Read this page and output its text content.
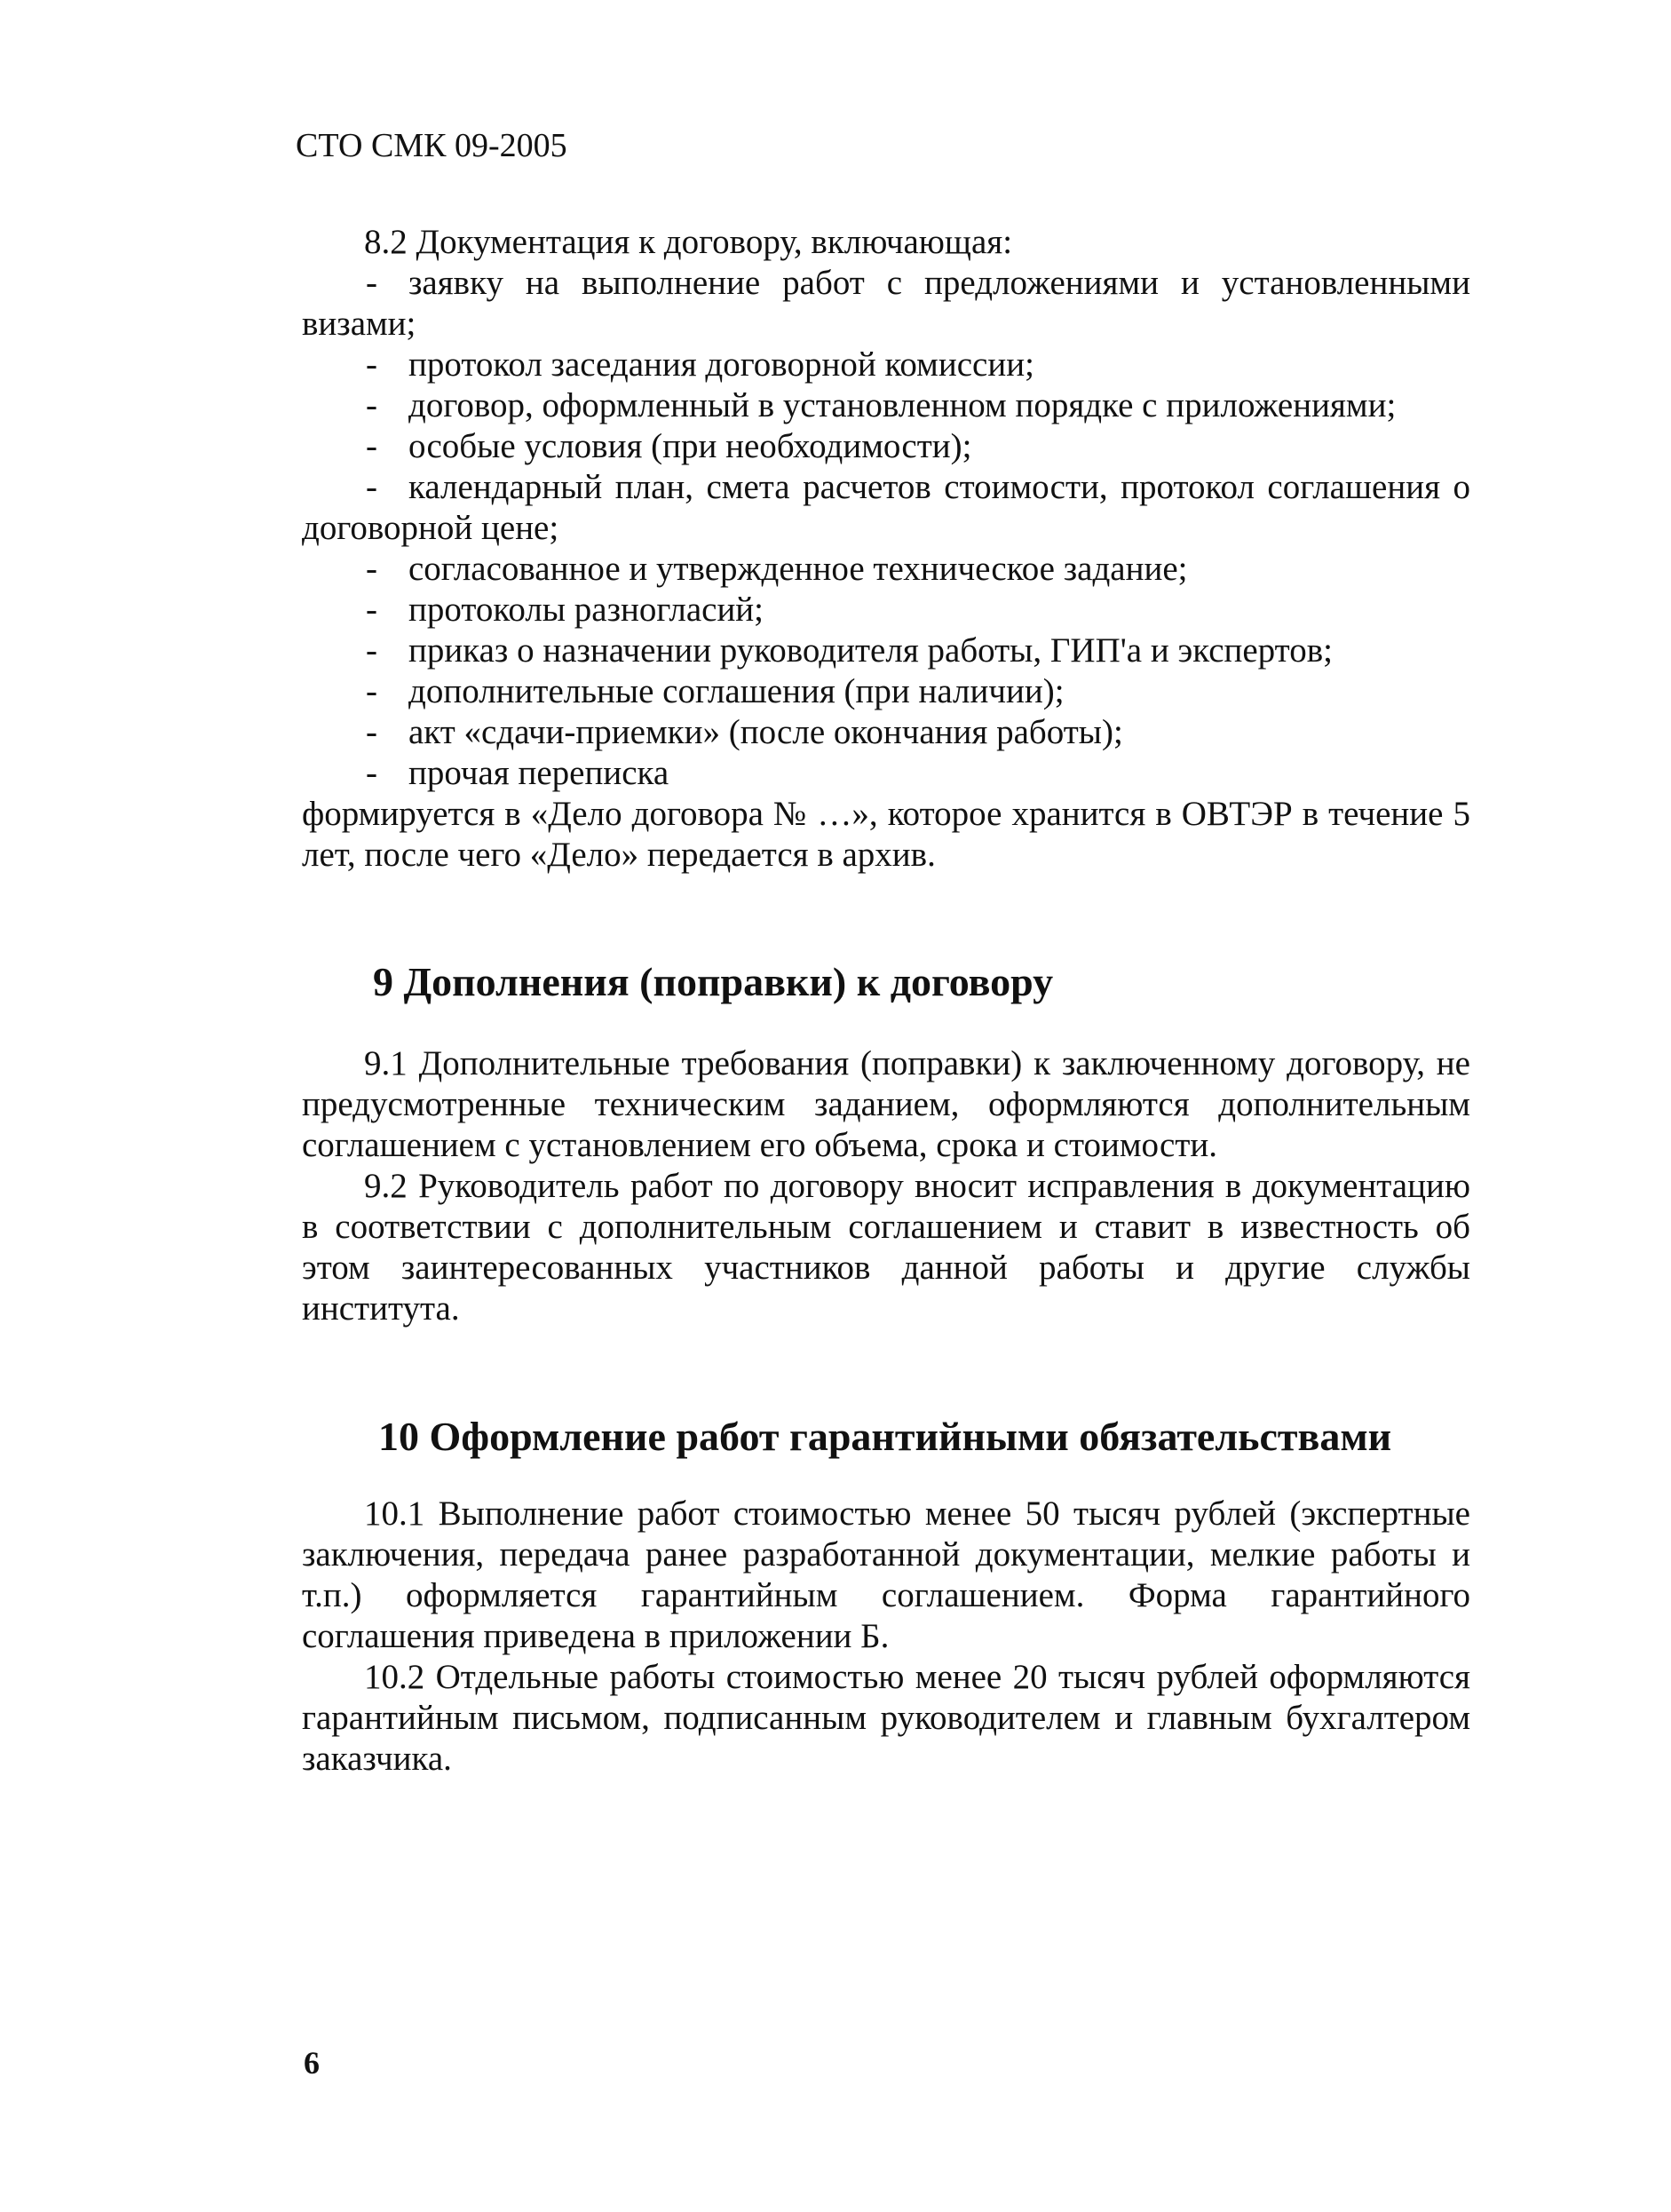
СТО СМК 09-2005

8.2 Документация к договору, включающая:

- заявку на выполнение работ с предложениями и установленными визами;
- протокол заседания договорной комиссии;
- договор, оформленный в установленном порядке с приложениями;
- особые условия (при необходимости);
- календарный план, смета расчетов стоимости, протокол соглашения о договорной цене;
- согласованное и утвержденное техническое задание;
- протоколы разногласий;
- приказ о назначении руководителя работы, ГИП'а и экспертов;
- дополнительные соглашения (при наличии);
- акт «сдачи-приемки» (после окончания работы);
- прочая переписка

формируется в «Дело договора № …», которое хранится в ОВТЭР в течение 5 лет, после чего «Дело» передается в архив.

9 Дополнения (поправки) к договору

9.1 Дополнительные требования (поправки) к заключенному договору, не предусмотренные техническим заданием, оформляются дополнительным соглашением с установлением его объема, срока и стоимости.

9.2 Руководитель работ по договору вносит исправления в документацию в соответствии с дополнительным соглашением и ставит в известность об этом заинтересованных участников данной работы и другие службы института.

10 Оформление работ гарантийными обязательствами

10.1 Выполнение работ стоимостью менее 50 тысяч рублей (экспертные заключения, передача ранее разработанной документации, мелкие работы и т.п.) оформляется гарантийным соглашением. Форма гарантийного соглашения приведена в приложении Б.

10.2 Отдельные работы стоимостью менее 20 тысяч рублей оформляются гарантийным письмом, подписанным руководителем и главным бухгалтером заказчика.

6
